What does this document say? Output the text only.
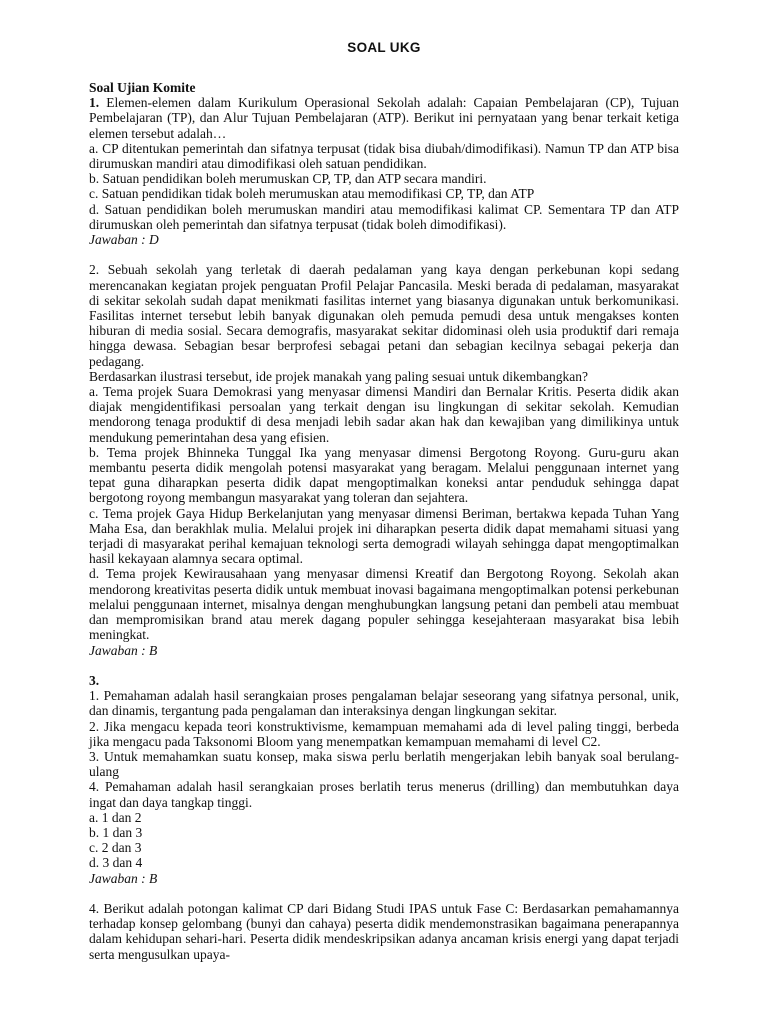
SOAL UKG
Soal Ujian Komite

1. Elemen-elemen dalam Kurikulum Operasional Sekolah adalah: Capaian Pembelajaran (CP), Tujuan Pembelajaran (TP), dan Alur Tujuan Pembelajaran (ATP). Berikut ini pernyataan yang benar terkait ketiga elemen tersebut adalah…

a. CP ditentukan pemerintah dan sifatnya terpusat (tidak bisa diubah/dimodifikasi). Namun TP dan ATP bisa dirumuskan mandiri atau dimodifikasi oleh satuan pendidikan.

b. Satuan pendidikan boleh merumuskan CP, TP, dan ATP secara mandiri.

c. Satuan pendidikan tidak boleh merumuskan atau memodifikasi CP, TP, dan ATP

d. Satuan pendidikan boleh merumuskan mandiri atau memodifikasi kalimat CP. Sementara TP dan ATP dirumuskan oleh pemerintah dan sifatnya terpusat (tidak boleh dimodifikasi).

Jawaban : D

2. Sebuah sekolah yang terletak di daerah pedalaman yang kaya dengan perkebunan kopi sedang merencanakan kegiatan projek penguatan Profil Pelajar Pancasila. Meski berada di pedalaman, masyarakat di sekitar sekolah sudah dapat menikmati fasilitas internet yang biasanya digunakan untuk berkomunikasi. Fasilitas internet tersebut lebih banyak digunakan oleh pemuda pemudi desa untuk mengakses konten hiburan di media sosial. Secara demografis, masyarakat sekitar didominasi oleh usia produktif dari remaja hingga dewasa. Sebagian besar berprofesi sebagai petani dan sebagian kecilnya sebagai pekerja dan pedagang.

Berdasarkan ilustrasi tersebut, ide projek manakah yang paling sesuai untuk dikembangkan?

a. Tema projek Suara Demokrasi yang menyasar dimensi Mandiri dan Bernalar Kritis. Peserta didik akan diajak mengidentifikasi persoalan yang terkait dengan isu lingkungan di sekitar sekolah. Kemudian mendorong tenaga produktif di desa menjadi lebih sadar akan hak dan kewajiban yang dimilikinya untuk mendukung pemerintahan desa yang efisien.

b. Tema projek Bhinneka Tunggal Ika yang menyasar dimensi Bergotong Royong. Guru-guru akan membantu peserta didik mengolah potensi masyarakat yang beragam. Melalui penggunaan internet yang tepat guna diharapkan peserta didik dapat mengoptimalkan koneksi antar penduduk sehingga dapat bergotong royong membangun masyarakat yang toleran dan sejahtera.

c. Tema projek Gaya Hidup Berkelanjutan yang menyasar dimensi Beriman, bertakwa kepada Tuhan Yang Maha Esa, dan berakhlak mulia. Melalui projek ini diharapkan peserta didik dapat memahami situasi yang terjadi di masyarakat perihal kemajuan teknologi serta demogradi wilayah sehingga dapat mengoptimalkan hasil kekayaan alamnya secara optimal.

d. Tema projek Kewirausahaan yang menyasar dimensi Kreatif dan Bergotong Royong. Sekolah akan mendorong kreativitas peserta didik untuk membuat inovasi bagaimana mengoptimalkan potensi perkebunan melalui penggunaan internet, misalnya dengan menghubungkan langsung petani dan pembeli atau membuat dan mempromisikan brand atau merek dagang populer sehingga kesejahteraan masyarakat bisa lebih meningkat.

Jawaban : B
3.

1. Pemahaman adalah hasil serangkaian proses pengalaman belajar seseorang yang sifatnya personal, unik, dan dinamis, tergantung pada pengalaman dan interaksinya dengan lingkungan sekitar.

2. Jika mengacu kepada teori konstruktivisme, kemampuan memahami ada di level paling tinggi, berbeda jika mengacu pada Taksonomi Bloom yang menempatkan kemampuan memahami di level C2.

3. Untuk memahamkan suatu konsep, maka siswa perlu berlatih mengerjakan lebih banyak soal berulang-ulang

4. Pemahaman adalah hasil serangkaian proses berlatih terus menerus (drilling) dan membutuhkan daya ingat dan daya tangkap tinggi.

a. 1 dan 2

b. 1 dan 3

c. 2 dan 3

d. 3 dan 4

Jawaban : B

4. Berikut adalah potongan kalimat CP dari Bidang Studi IPAS untuk Fase C: Berdasarkan pemahamannya terhadap konsep gelombang (bunyi dan cahaya) peserta didik mendemonstrasikan bagaimana penerapannya dalam kehidupan sehari-hari. Peserta didik mendeskripsikan adanya ancaman krisis energi yang dapat terjadi serta mengusulkan upaya-
